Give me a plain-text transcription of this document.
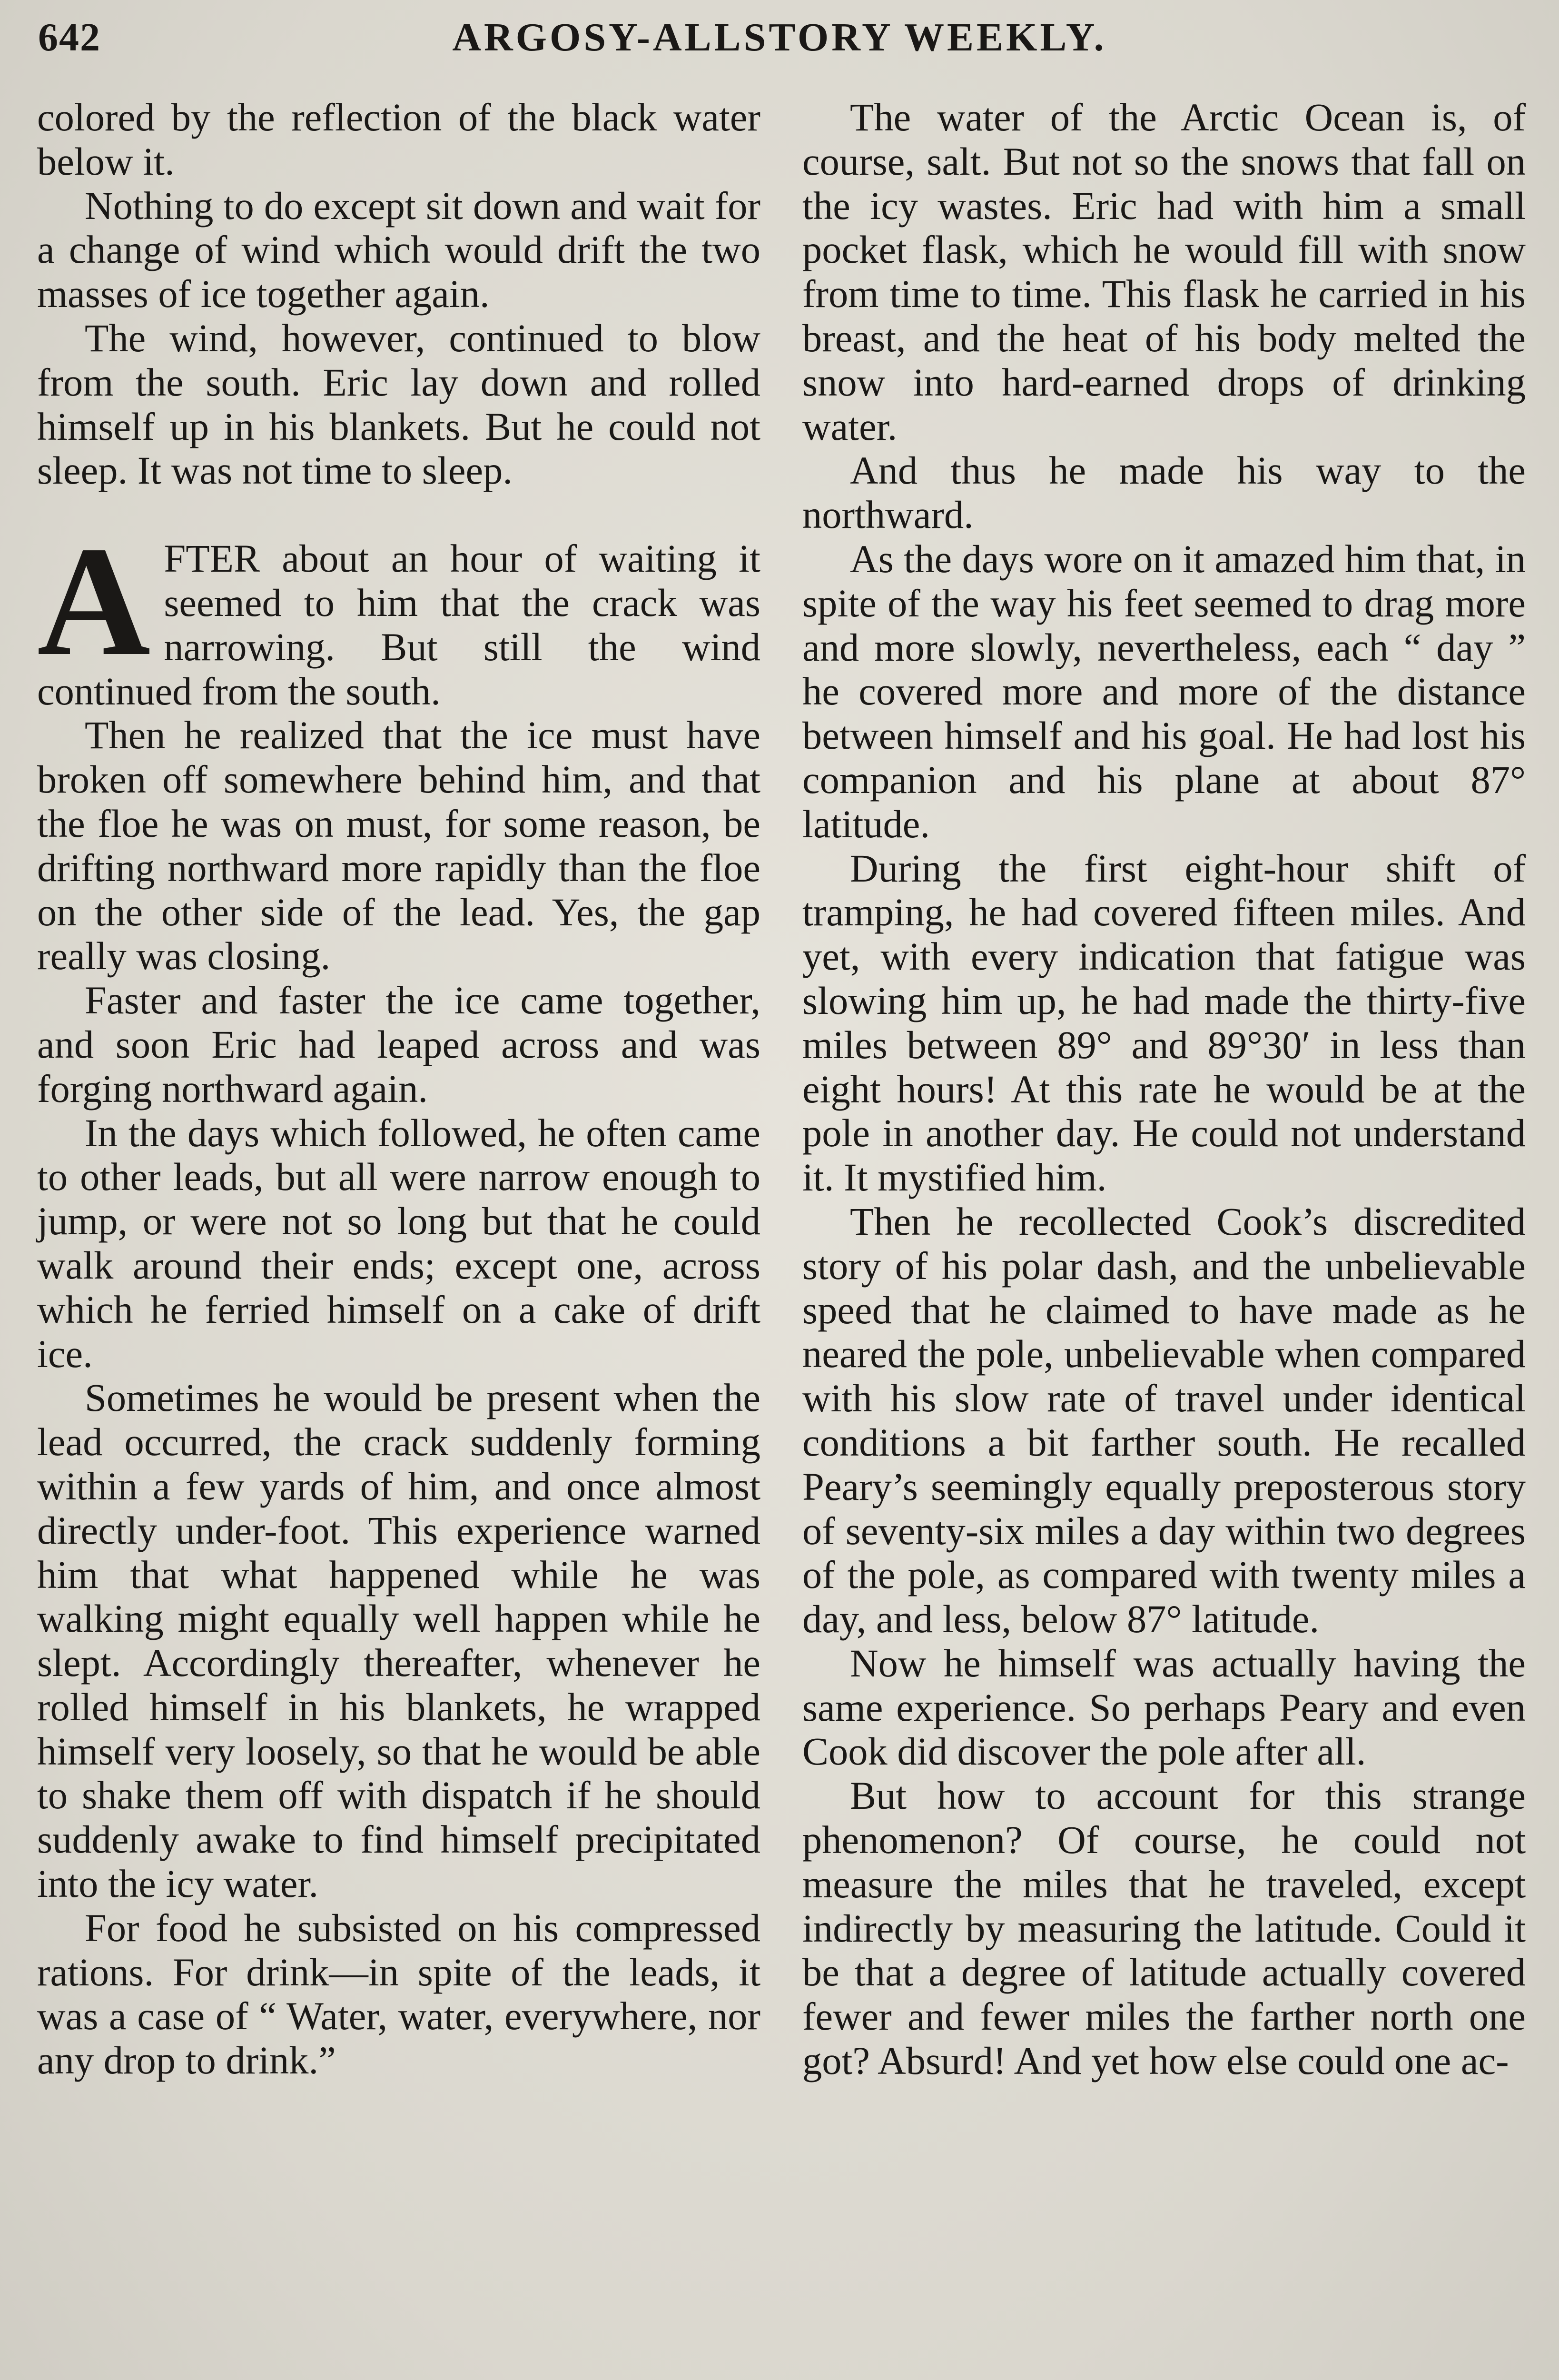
642	ARGOSY-ALLSTORY WEEKLY.

colored by the reflection of the black water below it.

Nothing to do except sit down and wait for a change of wind which would drift the two masses of ice together again.

The wind, however, continued to blow from the south. Eric lay down and rolled himself up in his blankets. But he could not sleep. It was not time to sleep.

AFTER about an hour of waiting it seemed to him that the crack was narrowing. But still the wind continued from the south.

Then he realized that the ice must have broken off somewhere behind him, and that the floe he was on must, for some reason, be drifting northward more rapidly than the floe on the other side of the lead. Yes, the gap really was closing.

Faster and faster the ice came together, and soon Eric had leaped across and was forging northward again.

In the days which followed, he often came to other leads, but all were narrow enough to jump, or were not so long but that he could walk around their ends; except one, across which he ferried himself on a cake of drift ice.

Sometimes he would be present when the lead occurred, the crack suddenly forming within a few yards of him, and once almost directly under-foot. This experience warned him that what happened while he was walking might equally well happen while he slept. Accordingly thereafter, whenever he rolled himself in his blankets, he wrapped himself very loosely, so that he would be able to shake them off with dispatch if he should suddenly awake to find himself precipitated into the icy water.

For food he subsisted on his compressed rations. For drink—in spite of the leads, it was a case of “ Water, water, everywhere, nor any drop to drink.”

The water of the Arctic Ocean is, of course, salt. But not so the snows that fall on the icy wastes. Eric had with him a small pocket flask, which he would fill with snow from time to time. This flask he carried in his breast, and the heat of his body melted the snow into hard-earned drops of drinking water.

And thus he made his way to the northward.

As the days wore on it amazed him that, in spite of the way his feet seemed to drag more and more slowly, nevertheless, each “ day ” he covered more and more of the distance between himself and his goal. He had lost his companion and his plane at about 87° latitude.

During the first eight-hour shift of tramping, he had covered fifteen miles. And yet, with every indication that fatigue was slowing him up, he had made the thirty-five miles between 89° and 89°30′ in less than eight hours! At this rate he would be at the pole in another day. He could not understand it. It mystified him.

Then he recollected Cook’s discredited story of his polar dash, and the unbelievable speed that he claimed to have made as he neared the pole, unbelievable when compared with his slow rate of travel under identical conditions a bit farther south. He recalled Peary’s seemingly equally preposterous story of seventy-six miles a day within two degrees of the pole, as compared with twenty miles a day, and less, below 87° latitude.

Now he himself was actually having the same experience. So perhaps Peary and even Cook did discover the pole after all.

But how to account for this strange phenomenon? Of course, he could not measure the miles that he traveled, except indirectly by measuring the latitude. Could it be that a degree of latitude actually covered fewer and fewer miles the farther north one got? Absurd! And yet how else could one ac-
